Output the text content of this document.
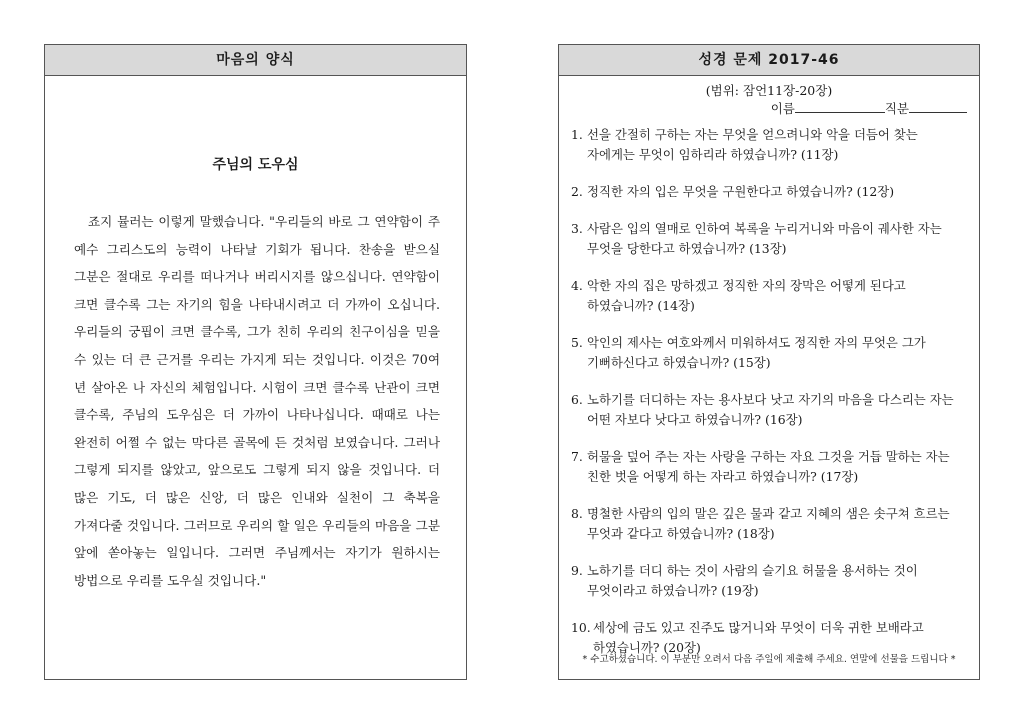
마음의 양식
주님의 도우심

죠지 뮬러는 이렇게 말했습니다. "우리들의 바로 그 연약함이 주 예수 그리스도의 능력이 나타날 기회가 됩니다. 찬송을 받으실 그분은 절대로 우리를 떠나거나 버리시지를 않으십니다. 연약함이 크면 클수록 그는 자기의 힘을 나타내시려고 더 가까이 오십니다. 우리들의 궁핍이 크면 클수록, 그가 친히 우리의 친구이심을 믿을 수 있는 더 큰 근거를 우리는 가지게 되는 것입니다. 이것은 70여 년 살아온 나 자신의 체험입니다. 시험이 크면 클수록 난관이 크면 클수록, 주님의 도우심은 더 가까이 나타나십니다. 때때로 나는 완전히 어쩔 수 없는 막다른 골목에 든 것처럼 보였습니다. 그러나 그렇게 되지를 않았고, 앞으로도 그렇게 되지 않을 것입니다. 더 많은 기도, 더 많은 신앙, 더 많은 인내와 실천이 그 축복을 가져다줄 것입니다. 그러므로 우리의 할 일은 우리들의 마음을 그분 앞에 쏟아놓는 일입니다. 그러면 주님께서는 자기가 원하시는 방법으로 우리를 도우실 것입니다."

성경 문제 2017-46
(범위: 잠언11장-20장)
이름	직분
1. 선을 간절히 구하는 자는 무엇을 얻으려니와 악을 더듬어 찾는 자에게는 무엇이 임하리라 하였습니까? (11장)
2. 정직한 자의 입은 무엇을 구원한다고 하였습니까? (12장)
3. 사람은 입의 열매로 인하여 복록을 누리거니와 마음이 궤사한 자는 무엇을 당한다고 하였습니까? (13장)
4. 악한 자의 집은 망하겠고 정직한 자의 장막은 어떻게 된다고 하였습니까? (14장)
5. 악인의 제사는 여호와께서 미워하셔도 정직한 자의 무엇은 그가 기뻐하신다고 하였습니까? (15장)
6. 노하기를 더디하는 자는 용사보다 낫고 자기의 마음을 다스리는 자는 어떤 자보다 낫다고 하였습니까? (16장)
7. 허물을 덮어 주는 자는 사랑을 구하는 자요 그것을 거듭 말하는 자는 친한 벗을 어떻게 하는 자라고 하였습니까? (17장)
8. 명철한 사람의 입의 말은 깊은 물과 같고 지혜의 샘은 솟구쳐 흐르는 무엇과 같다고 하였습니까? (18장)
9. 노하기를 더디 하는 것이 사람의 슬기요 허물을 용서하는 것이 무엇이라고 하였습니까? (19장)
10. 세상에 금도 있고 진주도 많거니와 무엇이 더욱 귀한 보배라고 하였습니까? (20장)
* 수고하셨습니다. 이 부분만 오려서 다음 주일에 제출해 주세요. 연말에 선물을 드립니다 *
